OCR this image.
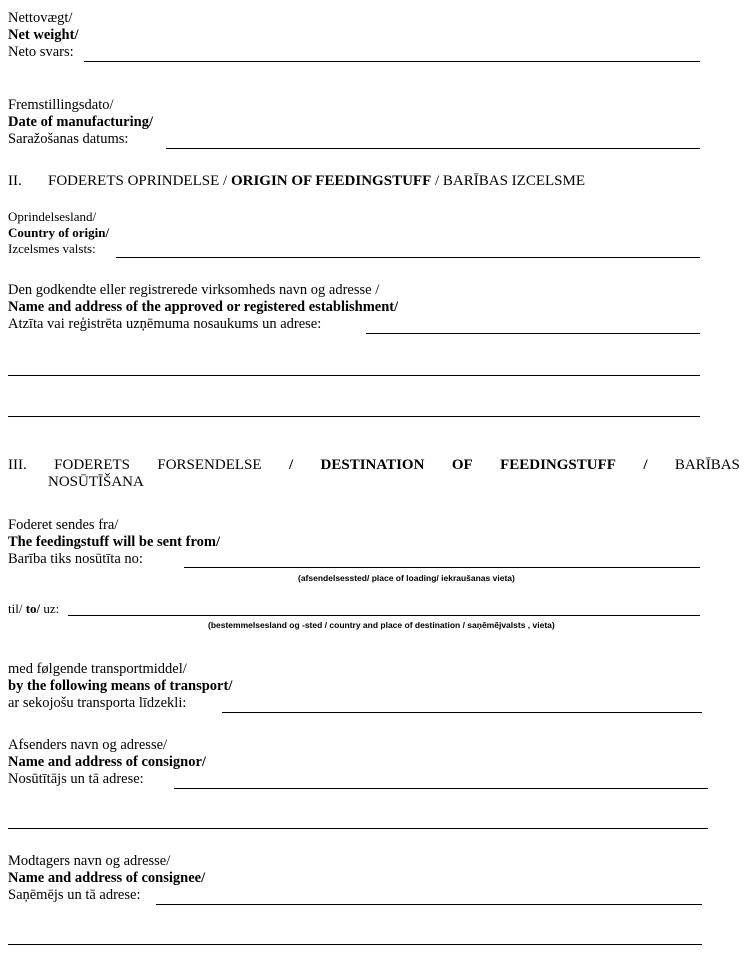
Nettovægt/
Net weight/
Neto svars:
Fremstillingsdato/
Date of manufacturing/
Saražošanas datums:
II. FODERETS OPRINDELSE / ORIGIN OF FEEDINGSTUFF / BARĪBAS IZCELSME
Oprindelsesland/
Country of origin/
Izcelsmes valsts:
Den godkendte eller registrerede virksomheds navn og adresse /
Name and address of the approved or registered establishment/
Atzīta vai reģistrēta uzņēmuma nosaukums un adrese:
III. FODERETS FORSENDELSE / DESTINATION OF FEEDINGSTUFF / BARĪBAS
NOSŪTĪŠANA
Foderet sendes fra/
The feedingstuff will be sent from/
Barība tiks nosūtīta no:
(afsendelsessted/ place of loading/ iekraušanas vieta)
til/ to/ uz:
(bestemmelsesland og -sted / country and place of destination / saņēmējvalsts , vieta)
med følgende transportmiddel/
by the following means of transport/
ar sekojošu transporta līdzekli:
Afsenders navn og adresse/
Name and address of consignor/
Nosūtītājs un tā adrese:
Modtagers navn og adresse/
Name and address of consignee/
Saņēmējs un tā adrese:
